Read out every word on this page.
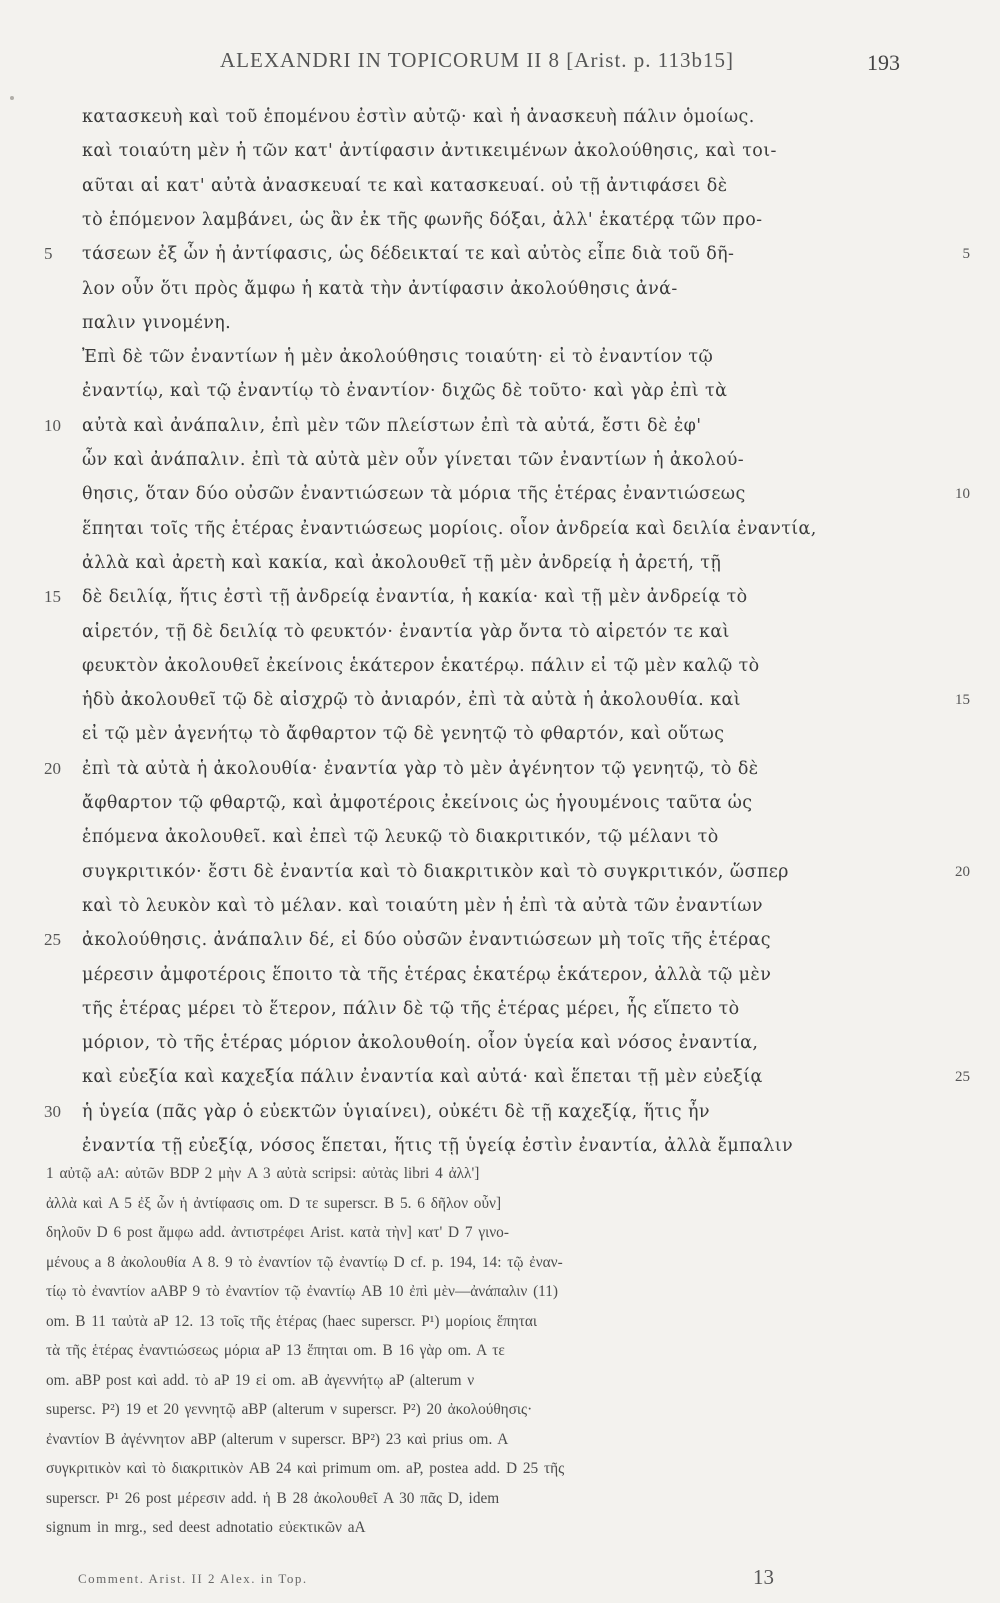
ALEXANDRI IN TOPICORUM II 8 [Arist. p. 113b15]	193
κατασκευὴ καὶ τοῦ ἑπομένου ἐστὶν αὐτῷ· καὶ ἡ ἀνασκευὴ πάλιν ὁμοίως.
καὶ τοιαύτη μὲν ἡ τῶν κατ' ἀντίφασιν ἀντικειμένων ἀκολούθησις, καὶ τοι-
αῦται αἱ κατ' αὐτὰ ἀνασκευαί τε καὶ κατασκευαί. οὐ τῇ ἀντιφάσει δὲ
τὸ ἑπόμενον λαμβάνει, ὡς ἂν ἐκ τῆς φωνῆς δόξαι, ἀλλ' ἑκατέρᾳ τῶν προ-
τάσεων ἐξ ὧν ἡ ἀντίφασις, ὡς δέδεικταί τε καὶ αὐτὸς εἶπε διὰ τοῦ δῆ-
5	5
λον οὖν ὅτι πρὸς ἄμφω ἡ κατὰ τὴν ἀντίφασιν ἀκολούθησις ἀνά-
παλιν γινομένη.
Ἐπὶ δὲ τῶν ἐναντίων ἡ μὲν ἀκολούθησις τοιαύτη· εἰ τὸ ἐναντίον τῷ
ἐναντίῳ, καὶ τῷ ἐναντίῳ τὸ ἐναντίον· διχῶς δὲ τοῦτο· καὶ γὰρ ἐπὶ τὰ
αὐτὰ καὶ ἀνάπαλιν, ἐπὶ μὲν τῶν πλείστων ἐπὶ τὰ αὐτά, ἔστι δὲ ἐφ'
10
ὧν καὶ ἀνάπαλιν. ἐπὶ τὰ αὐτὰ μὲν οὖν γίνεται τῶν ἐναντίων ἡ ἀκολού-
θησις, ὅταν δύο οὐσῶν ἐναντιώσεων τὰ μόρια τῆς ἑτέρας ἐναντιώσεως	10
ἕπηται τοῖς τῆς ἑτέρας ἐναντιώσεως μορίοις. οἷον ἀνδρεία καὶ δειλία ἐναντία,
ἀλλὰ καὶ ἀρετὴ καὶ κακία, καὶ ἀκολουθεῖ τῇ μὲν ἀνδρείᾳ ἡ ἀρετή, τῇ
δὲ δειλίᾳ, ἥτις ἐστὶ τῇ ἀνδρείᾳ ἐναντία, ἡ κακία· καὶ τῇ μὲν ἀνδρείᾳ τὸ
15
αἱρετόν, τῇ δὲ δειλίᾳ τὸ φευκτόν· ἐναντία γὰρ ὄντα τὸ αἱρετόν τε καὶ
φευκτὸν ἀκολουθεῖ ἐκείνοις ἑκάτερον ἑκατέρῳ. πάλιν εἰ τῷ μὲν καλῷ τὸ
ἡδὺ ἀκολουθεῖ τῷ δὲ αἰσχρῷ τὸ ἀνιαρόν, ἐπὶ τὰ αὐτὰ ἡ ἀκολουθία. καὶ	15
εἰ τῷ μὲν ἀγενήτῳ τὸ ἄφθαρτον τῷ δὲ γενητῷ τὸ φθαρτόν, καὶ οὕτως
ἐπὶ τὰ αὐτὰ ἡ ἀκολουθία· ἐναντία γὰρ τὸ μὲν ἀγένητον τῷ γενητῷ, τὸ δὲ
20
ἄφθαρτον τῷ φθαρτῷ, καὶ ἀμφοτέροις ἐκείνοις ὡς ἡγουμένοις ταῦτα ὡς
ἑπόμενα ἀκολουθεῖ. καὶ ἐπεὶ τῷ λευκῷ τὸ διακριτικόν, τῷ μέλανι τὸ
συγκριτικόν· ἔστι δὲ ἐναντία καὶ τὸ διακριτικὸν καὶ τὸ συγκριτικόν, ὥσπερ	20
καὶ τὸ λευκὸν καὶ τὸ μέλαν. καὶ τοιαύτη μὲν ἡ ἐπὶ τὰ αὐτὰ τῶν ἐναντίων
ἀκολούθησις. ἀνάπαλιν δέ, εἰ δύο οὐσῶν ἐναντιώσεων μὴ τοῖς τῆς ἑτέρας
25
μέρεσιν ἀμφοτέροις ἕποιτο τὰ τῆς ἑτέρας ἑκατέρῳ ἑκάτερον, ἀλλὰ τῷ μὲν
τῆς ἑτέρας μέρει τὸ ἕτερον, πάλιν δὲ τῷ τῆς ἑτέρας μέρει, ἧς εἵπετο τὸ
μόριον, τὸ τῆς ἑτέρας μόριον ἀκολουθοίη. οἷον ὑγεία καὶ νόσος ἐναντία,
καὶ εὐεξία καὶ καχεξία πάλιν ἐναντία καὶ αὐτά· καὶ ἕπεται τῇ μὲν εὐεξίᾳ	25
ἡ ὑγεία (πᾶς γὰρ ὁ εὐεκτῶν ὑγιαίνει), οὐκέτι δὲ τῇ καχεξίᾳ, ἥτις ἦν
30
ἐναντία τῇ εὐεξίᾳ, νόσος ἕπεται, ἥτις τῇ ὑγείᾳ ἐστὶν ἐναντία, ἀλλὰ ἔμπαλιν
1 αὐτῷ aA: αὐτῶν BDP 2 μὴν A 3 αὐτὰ scripsi: αὐτὰς libri 4 ἀλλ']
ἀλλὰ καὶ A 5 ἐξ ὧν ἡ ἀντίφασις om. D τε superscr. B 5. 6 δῆλον οὖν]
δηλοῦν D 6 post ἄμφω add. ἀντιστρέφει Arist. κατὰ τὴν] κατ' D 7 γινο-
μένους a 8 ἀκολουθία A 8. 9 τὸ ἐναντίον τῷ ἐναντίῳ D cf. p. 194, 14: τῷ ἐναν-
τίῳ τὸ ἐναντίον aABP 9 τὸ ἐναντίον τῷ ἐναντίῳ AB 10 ἐπὶ μὲν—ἀνάπαλιν (11)
om. B 11 ταὐτὰ aP 12. 13 τοῖς τῆς ἑτέρας (haec superscr. P¹) μορίοις ἕπηται
τὰ τῆς ἑτέρας ἐναντιώσεως μόρια aP 13 ἕπηται om. B 16 γὰρ om. A τε
om. aBP post καὶ add. τὸ aP 19 εἰ om. aB ἀγεννήτῳ aP (alterum ν
supersc. P²) 19 et 20 γεννητῷ aBP (alterum ν superscr. P²) 20 ἀκολούθησις·
ἐναντίον B ἀγέννητον aBP (alterum ν superscr. BP²) 23 καὶ prius om. A
συγκριτικὸν καὶ τὸ διακριτικὸν AB 24 καὶ primum om. aP, postea add. D 25 τῆς
superscr. P¹ 26 post μέρεσιν add. ἡ B 28 ἀκολουθεῖ A 30 πᾶς D, idem
signum in mrg., sed deest adnotatio εὐεκτικῶν aA
Comment. Arist. II 2 Alex. in Top.	13
